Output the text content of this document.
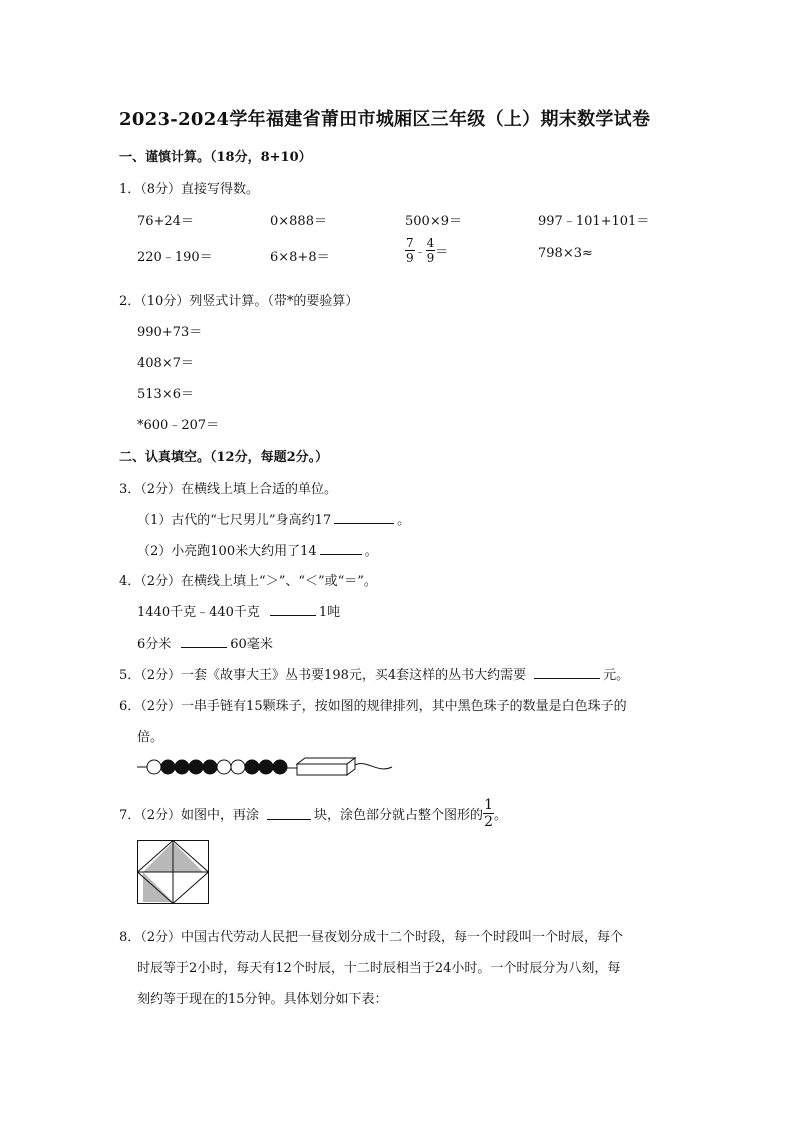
2023-2024学年福建省莆田市城厢区三年级（上）期末数学试卷
一、谨慎计算。（18分，8+10）
1．（8分）直接写得数。
76+24＝	0×888＝	500×9＝	997﹣101+101＝
220﹣190＝	6×8+8＝	$\frac{7}{9}$ ﹣ $\frac{4}{9}$ ＝	798×3≈
2．（10分）列竖式计算。（带*的要验算）
990+73＝
408×7＝
513×6＝
*600﹣207＝
二、认真填空。（12分，每题2分。）
3．（2分）在横线上填上合适的单位。
（1）古代的“七尺男儿”身高约17	。
（2）小亮跑100米大约用了14	。
4．（2分）在横线上填上“＞”、“＜”或“＝”。
1440千克﹣440千克	1吨
6分米	60毫米
5．（2分）一套《故事大王》丛书要198元，买4套这样的丛书大约需要	元。
6．（2分）一串手链有15颗珠子，按如图的规律排列，其中黑色珠子的数量是白色珠子的
倍。
7．（2分）如图中，再涂	块，涂色部分就占整个图形的 $\frac{1}{2}$ 。
8．（2分）中国古代劳动人民把一昼夜划分成十二个时段，每一个时段叫一个时辰，每个
时辰等于2小时，每天有12个时辰，十二时辰相当于24小时。一个时辰分为八刻，每
刻约等于现在的15分钟。具体划分如下表：
